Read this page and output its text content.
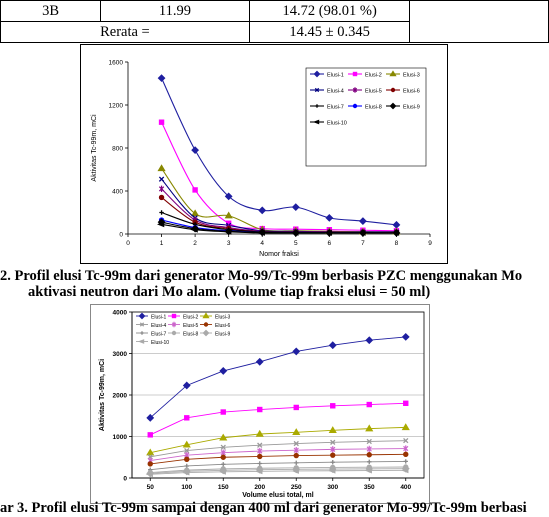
3B	11.99	14.72 (98.01 %)	
Rerata =		14.45 ± 0.345	
0
400
800
1200
1600
0	1	2	3	4	5	6	7	8	9
Nomor fraksi
Aktivitas Tc-99m, mCi
Elusi-1	Elusi-2	Elusi-3
Elusi-4	Elusi-5	Elusi-6
Elusi-7	Elusi-8	Elusi-9
Elusi-10
2. Profil elusi Tc-99m dari generator Mo-99/Tc-99m berbasis PZC menggunakan Mo
aktivasi neutron dari Mo alam. (Volume tiap fraksi elusi = 50 ml)
0
1000
2000
3000
4000
50	100	150	200	250	300	350	400
Volume elusi total, ml
Aktivitas Tc-99m, mCi
Elusi-1	Elusi-2	Elusi-3
Elusi-4	Elusi-5	Elusi-6
Elusi-7	Elusi-8	Elusi-9
Elusi-10
ar 3. Profil elusi Tc-99m sampai dengan 400 ml dari generator Mo-99/Tc-99m berbasi
